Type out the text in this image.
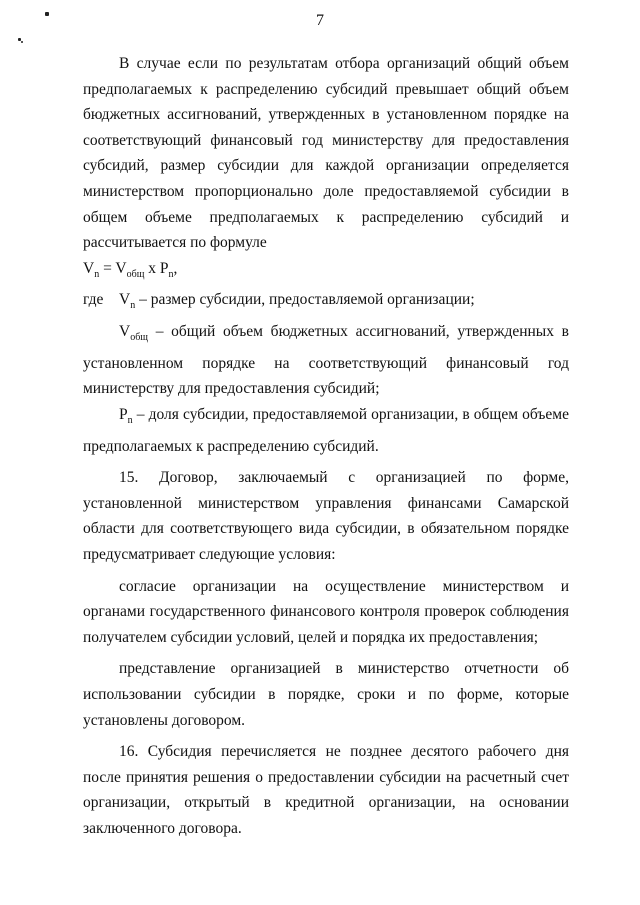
7

В случае если по результатам отбора организаций общий объем предполагаемых к распределению субсидий превышает общий объем бюджетных ассигнований, утвержденных в установленном порядке на соответствующий финансовый год министерству для предоставления субсидий, размер субсидии для каждой организации определяется министерством пропорционально доле предоставляемой субсидии в общем объеме предполагаемых к распределению субсидий и рассчитывается по формуле

$V_n = V_{общ}$ x $P_n$,

где $V_n$ – размер субсидии, предоставляемой организации;

$V_{общ}$ – общий объем бюджетных ассигнований, утвержденных в установленном порядке на соответствующий финансовый год министерству для предоставления субсидий;

$P_n$ – доля субсидии, предоставляемой организации, в общем объеме предполагаемых к распределению субсидий.

15. Договор, заключаемый с организацией по форме, установленной министерством управления финансами Самарской области для соответствующего вида субсидии, в обязательном порядке предусматривает следующие условия:

согласие организации на осуществление министерством и органами государственного финансового контроля проверок соблюдения получателем субсидии условий, целей и порядка их предоставления;

представление организацией в министерство отчетности об использовании субсидии в порядке, сроки и по форме, которые установлены договором.

16. Субсидия перечисляется не позднее десятого рабочего дня после принятия решения о предоставлении субсидии на расчетный счет организации, открытый в кредитной организации, на основании заключенного договора.
